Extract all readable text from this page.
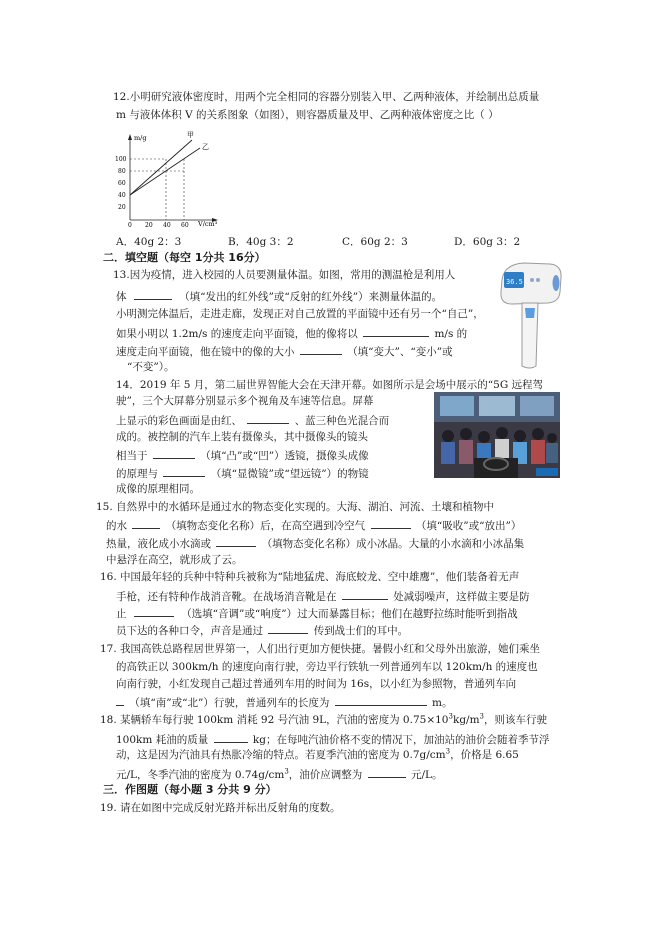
12.小明研究液体密度时，用两个完全相同的容器分别装入甲、乙两种液体，并绘制出总质量
m 与液体体积 V 的关系图象（如图），则容器质量及甲、乙两种液体密度之比（ ）
m/g
V/cm³
甲
乙
100
80
60
40
20
0 20 40 60
A．40g 2：3	B．40g 3：2	C．60g 2：3	D．60g 3：2
二．填空题（每空 1分共 16分）
13.因为疫情，进入校园的人员要测量体温。如图，常用的测温枪是利用人
体	（填“发出的红外线”或“反射的红外线”）来测量体温的。
小明测完体温后，走进走廊，发现正对自己放置的平面镜中还有另一个“自己”，
如果小明以 1.2m/s 的速度走向平面镜，他的像将以	m/s 的
速度走向平面镜，他在镜中的像的大小	（填“变大”、“变小”或
“不变”）。
36.5
14．2019 年 5 月，第二届世界智能大会在天津开幕。如图所示是会场中展示的“5G 远程驾
驶”，三个大屏幕分别显示多个视角及车速等信息。屏幕
上显示的彩色画面是由红、	、蓝三种色光混合而
成的。被控制的汽车上装有摄像头，其中摄像头的镜头
相当于	（填“凸”或“凹”）透镜，摄像头成像
的原理与	（填“显微镜”或“望远镜”）的物镜
成像的原理相同。
15. 自然界中的水循环是通过水的物态变化实现的。大海、湖泊、河流、土壤和植物中
的水	（填物态变化名称）后，在高空遇到冷空气	（填“吸收”或“放出”）
热量，液化成小水滴或	（填物态变化名称）成小冰晶。大量的小水滴和小冰晶集
中悬浮在高空，就形成了云。
16. 中国最年轻的兵种中特种兵被称为“陆地猛虎、海底蛟龙、空中雄鹰”，他们装备着无声
手枪，还有特种作战消音靴。在战场消音靴是在	处减弱噪声，这样做主要是防
止	（选填“音调”或“响度”）过大而暴露目标；他们在越野拉练时能听到指战
员下达的各种口令，声音是通过	传到战士们的耳中。
17. 我国高铁总路程居世界第一，人们出行更加方便快捷。暑假小红和父母外出旅游，她们乘坐
的高铁正以 300km/h 的速度向南行驶，旁边平行铁轨一列普通列车以 120km/h 的速度也
向南行驶，小红发现自己超过普通列车用的时间为 16s，以小红为参照物，普通列车向
（填“南”或“北”）行驶，普通列车的长度为	m。
18. 某辆轿车每行驶 100km 消耗 92 号汽油 9L，汽油的密度为 $0.75\times 10^3kg/m^3$，则该车行驶
100km 耗油的质量	kg；在每吨汽油价格不变的情况下，加油站的油价会随着季节浮
动，这是因为汽油具有热胀冷缩的特点。若夏季汽油的密度为 $0.7g/cm^3$，价格是 6.65
元/L，冬季汽油的密度为 $0.74g/cm^3$，油价应调整为	元/L。
三．作图题（每小题 3 分共 9 分）
19. 请在如图中完成反射光路并标出反射角的度数。
